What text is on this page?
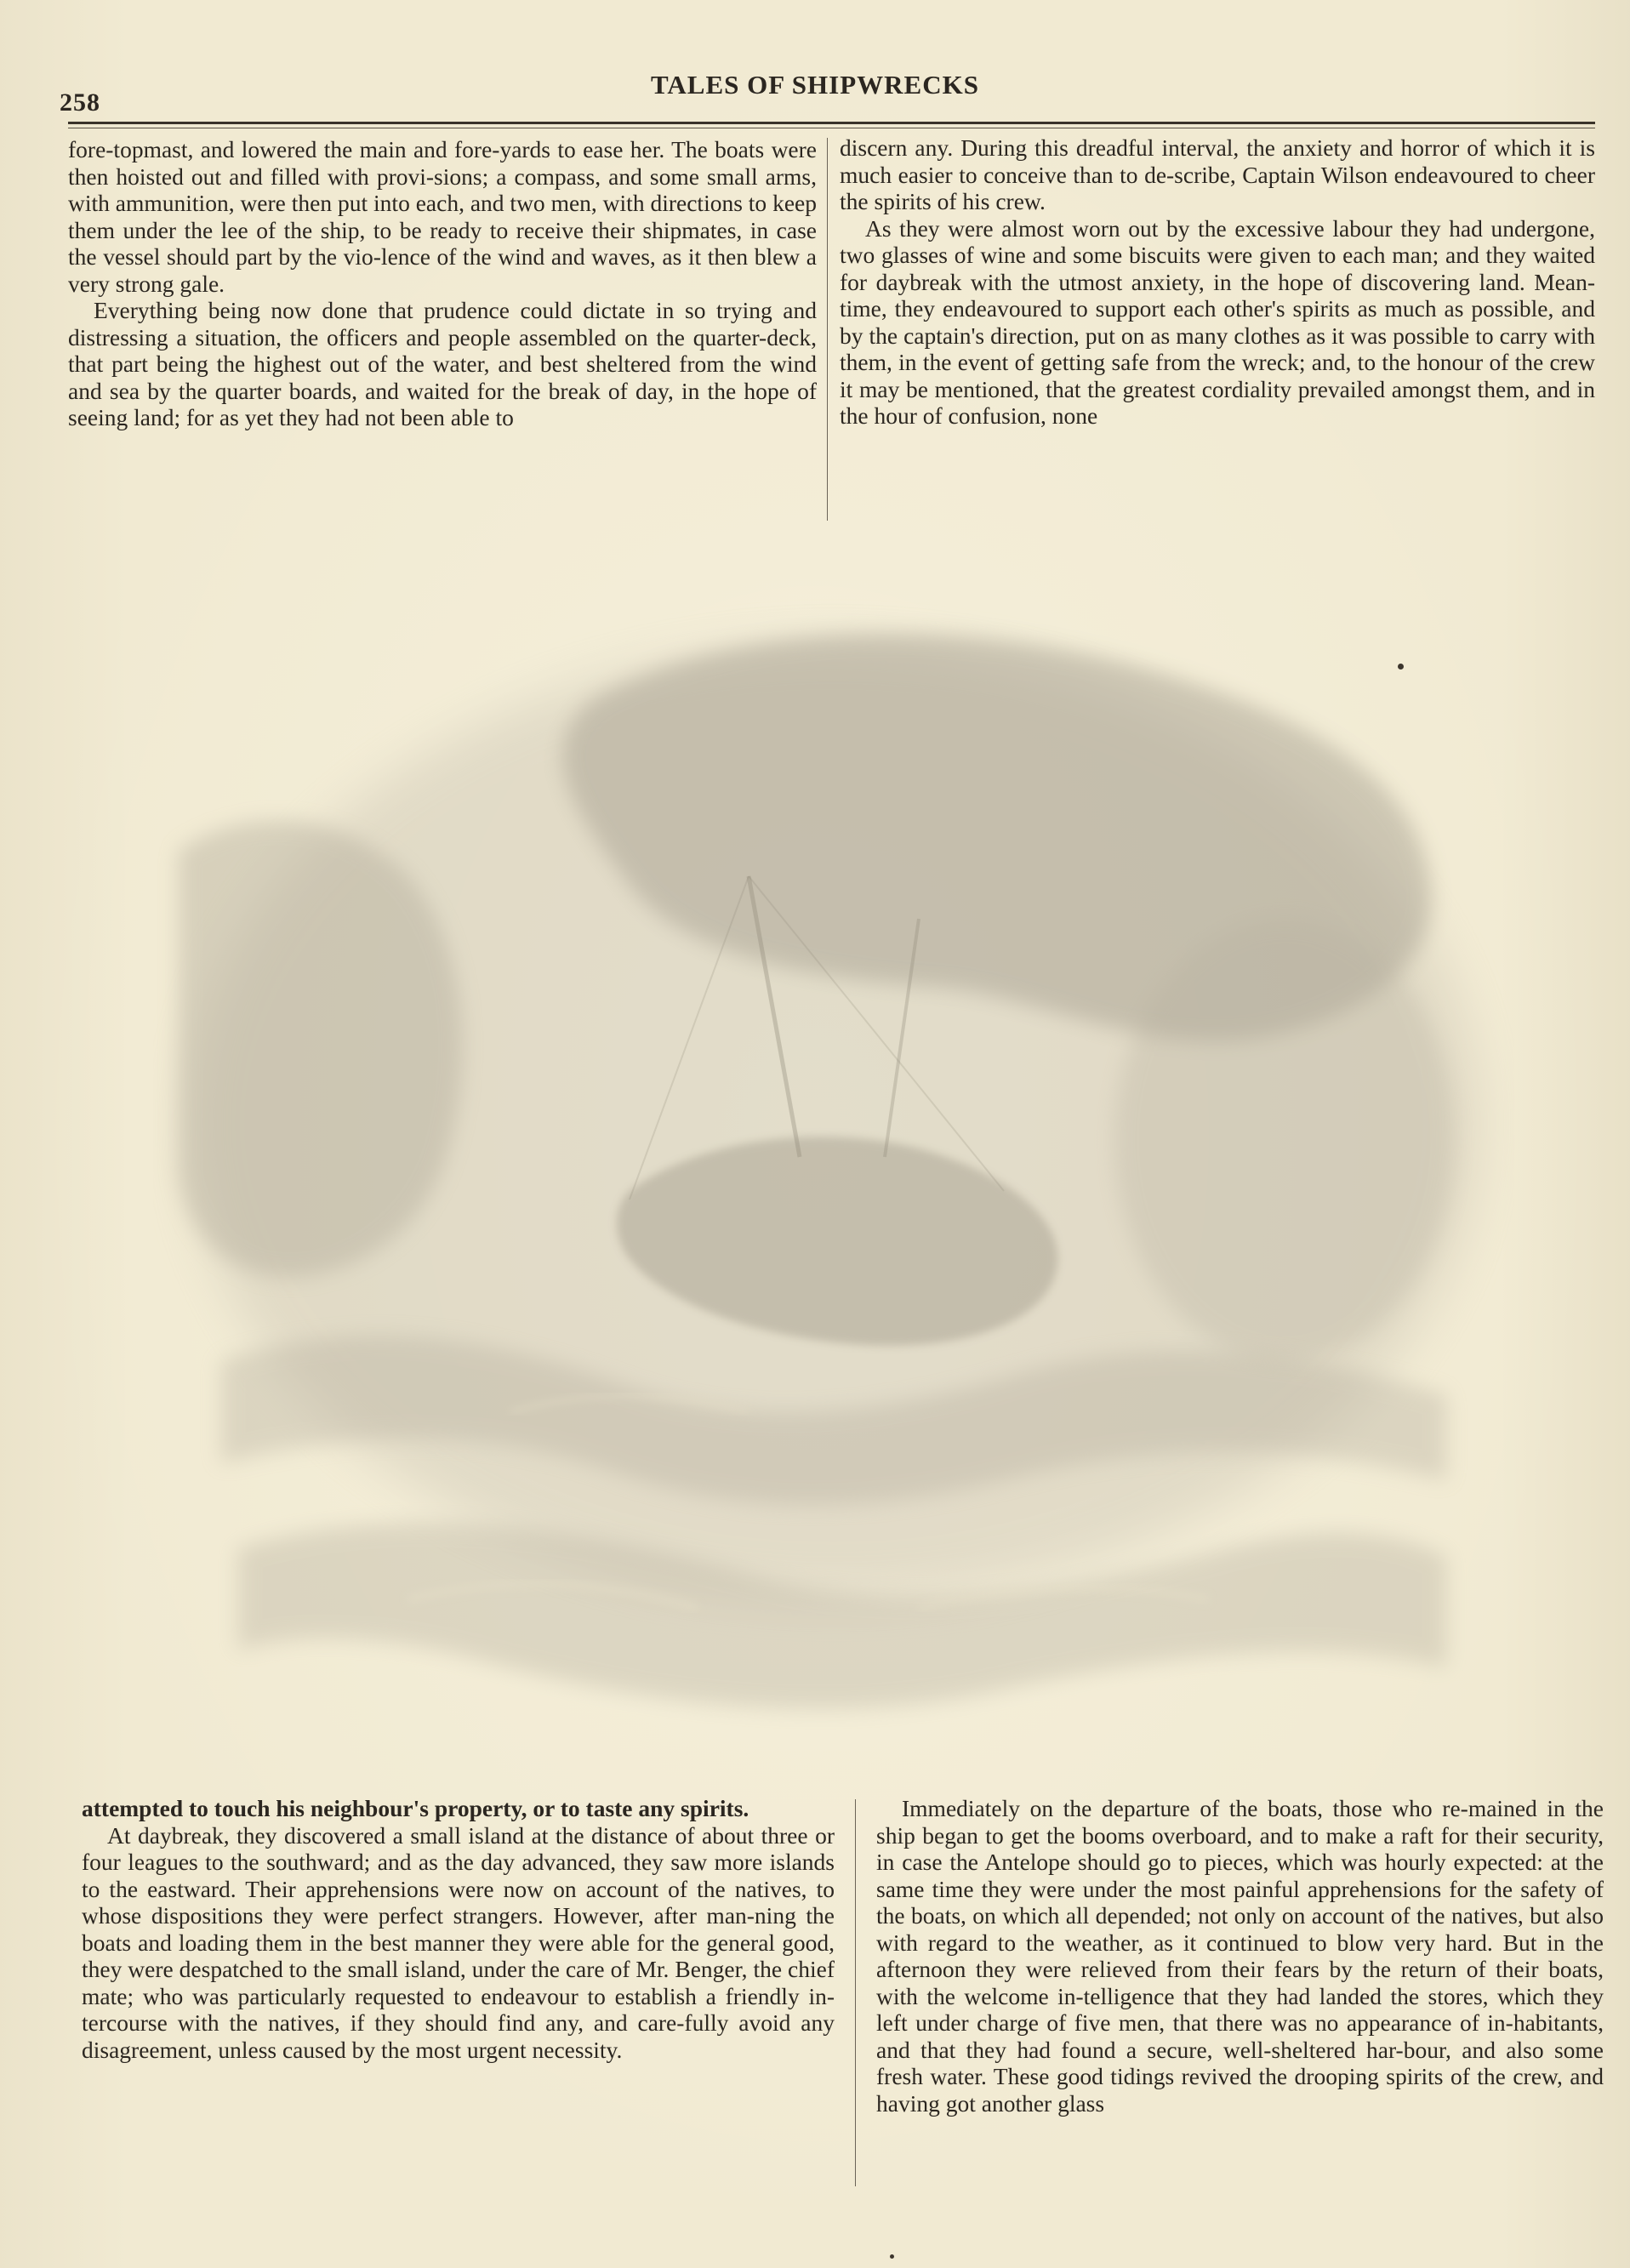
258
TALES OF SHIPWRECKS

fore-topmast, and lowered the main and fore-yards to ease her. The boats were then hoisted out and filled with provi-sions; a compass, and some small arms, with ammunition, were then put into each, and two men, with directions to keep them under the lee of the ship, to be ready to receive their shipmates, in case the vessel should part by the vio-lence of the wind and waves, as it then blew a very strong gale.

Everything being now done that prudence could dictate in so trying and distressing a situation, the officers and people assembled on the quarter-deck, that part being the highest out of the water, and best sheltered from the wind and sea by the quarter boards, and waited for the break of day, in the hope of seeing land; for as yet they had not been able to

discern any. During this dreadful interval, the anxiety and horror of which it is much easier to conceive than to de-scribe, Captain Wilson endeavoured to cheer the spirits of his crew.

As they were almost worn out by the excessive labour they had undergone, two glasses of wine and some biscuits were given to each man; and they waited for daybreak with the utmost anxiety, in the hope of discovering land. Mean-time, they endeavoured to support each other's spirits as much as possible, and by the captain's direction, put on as many clothes as it was possible to carry with them, in the event of getting safe from the wreck; and, to the honour of the crew it may be mentioned, that the greatest cordiality prevailed amongst them, and in the hour of confusion, none

attempted to touch his neighbour's property, or to taste any spirits.

At daybreak, they discovered a small island at the distance of about three or four leagues to the southward; and as the day advanced, they saw more islands to the eastward. Their apprehensions were now on account of the natives, to whose dispositions they were perfect strangers. However, after man-ning the boats and loading them in the best manner they were able for the general good, they were despatched to the small island, under the care of Mr. Benger, the chief mate; who was particularly requested to endeavour to establish a friendly in-tercourse with the natives, if they should find any, and care-fully avoid any disagreement, unless caused by the most urgent necessity.

Immediately on the departure of the boats, those who re-mained in the ship began to get the booms overboard, and to make a raft for their security, in case the Antelope should go to pieces, which was hourly expected: at the same time they were under the most painful apprehensions for the safety of the boats, on which all depended; not only on account of the natives, but also with regard to the weather, as it continued to blow very hard. But in the afternoon they were relieved from their fears by the return of their boats, with the welcome in-telligence that they had landed the stores, which they left under charge of five men, that there was no appearance of in-habitants, and that they had found a secure, well-sheltered har-bour, and also some fresh water. These good tidings revived the drooping spirits of the crew, and having got another glass
